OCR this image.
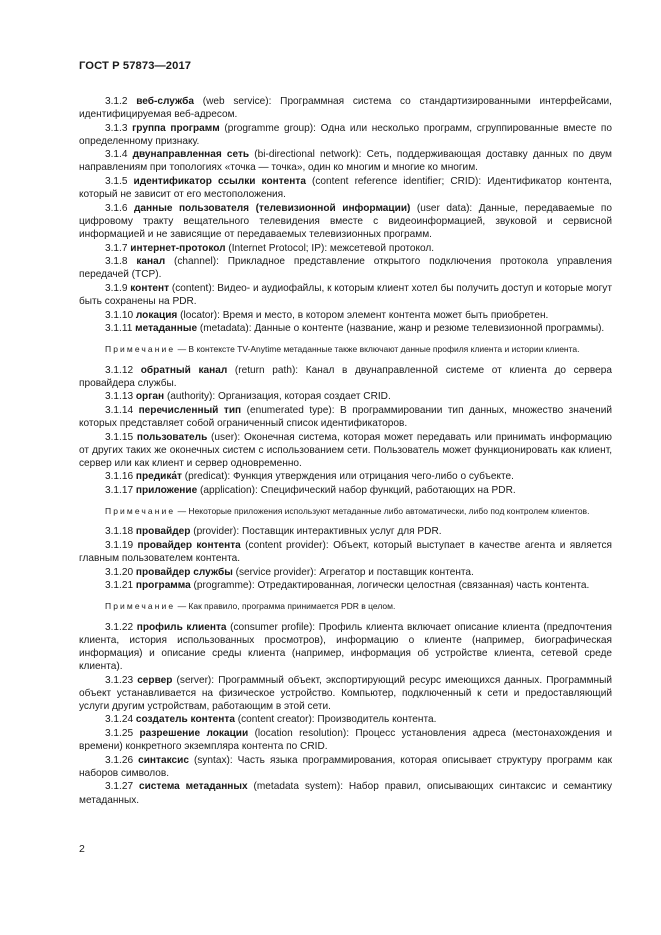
ГОСТ Р 57873—2017

3.1.2 веб-служба (web service): Программная система со стандартизированными интерфейсами, идентифицируемая веб-адресом.

3.1.3 группа программ (programme group): Одна или несколько программ, сгруппированные вместе по определенному признаку.

3.1.4 двунаправленная сеть (bi-directional network): Сеть, поддерживающая доставку данных по двум направлениям при топологиях «точка — точка», один ко многим и многие ко многим.

3.1.5 идентификатор ссылки контента (content reference identifier; CRID): Идентификатор контента, который не зависит от его местоположения.

3.1.6 данные пользователя (телевизионной информации) (user data): Данные, передаваемые по цифровому тракту вещательного телевидения вместе с видеоинформацией, звуковой и сервисной информацией и не зависящие от передаваемых телевизионных программ.

3.1.7 интернет-протокол (Internet Protocol; IP): межсетевой протокол.

3.1.8 канал (channel): Прикладное представление открытого подключения протокола управления передачей (TCP).

3.1.9 контент (content): Видео- и аудиофайлы, к которым клиент хотел бы получить доступ и которые могут быть сохранены на PDR.

3.1.10 локация (locator): Время и место, в котором элемент контента может быть приобретен.

3.1.11 метаданные (metadata): Данные о контенте (название, жанр и резюме телевизионной программы).

Примечание — В контексте TV-Anytime метаданные также включают данные профиля клиента и истории клиента.

3.1.12 обратный канал (return path): Канал в двунаправленной системе от клиента до сервера провайдера службы.

3.1.13 орган (authority): Организация, которая создает CRID.

3.1.14 перечисленный тип (enumerated type): В программировании тип данных, множество значений которых представляет собой ограниченный список идентификаторов.

3.1.15 пользователь (user): Оконечная система, которая может передавать или принимать информацию от других таких же оконечных систем с использованием сети. Пользователь может функционировать как клиент, сервер или как клиент и сервер одновременно.

3.1.16 предика́т (predicat): Функция утверждения или отрицания чего-либо о субъекте.

3.1.17 приложение (application): Специфический набор функций, работающих на PDR.

Примечание — Некоторые приложения используют метаданные либо автоматически, либо под контролем клиентов.

3.1.18 провайдер (provider): Поставщик интерактивных услуг для PDR.

3.1.19 провайдер контента (content provider): Объект, который выступает в качестве агента и является главным пользователем контента.

3.1.20 провайдер службы (service provider): Агрегатор и поставщик контента.

3.1.21 программа (programme): Отредактированная, логически целостная (связанная) часть контента.

Примечание — Как правило, программа принимается PDR в целом.

3.1.22 профиль клиента (consumer profile): Профиль клиента включает описание клиента (предпочтения клиента, история использованных просмотров), информацию о клиенте (например, биографическая информация) и описание среды клиента (например, информация об устройстве клиента, сетевой среде клиента).

3.1.23 сервер (server): Программный объект, экспортирующий ресурс имеющихся данных. Программный объект устанавливается на физическое устройство. Компьютер, подключенный к сети и предоставляющий услуги другим устройствам, работающим в этой сети.

3.1.24 создатель контента (content creator): Производитель контента.

3.1.25 разрешение локации (location resolution): Процесс установления адреса (местонахождения и времени) конкретного экземпляра контента по CRID.

3.1.26 синтаксис (syntax): Часть языка программирования, которая описывает структуру программ как наборов символов.

3.1.27 система метаданных (metadata system): Набор правил, описывающих синтаксис и семантику метаданных.

2
